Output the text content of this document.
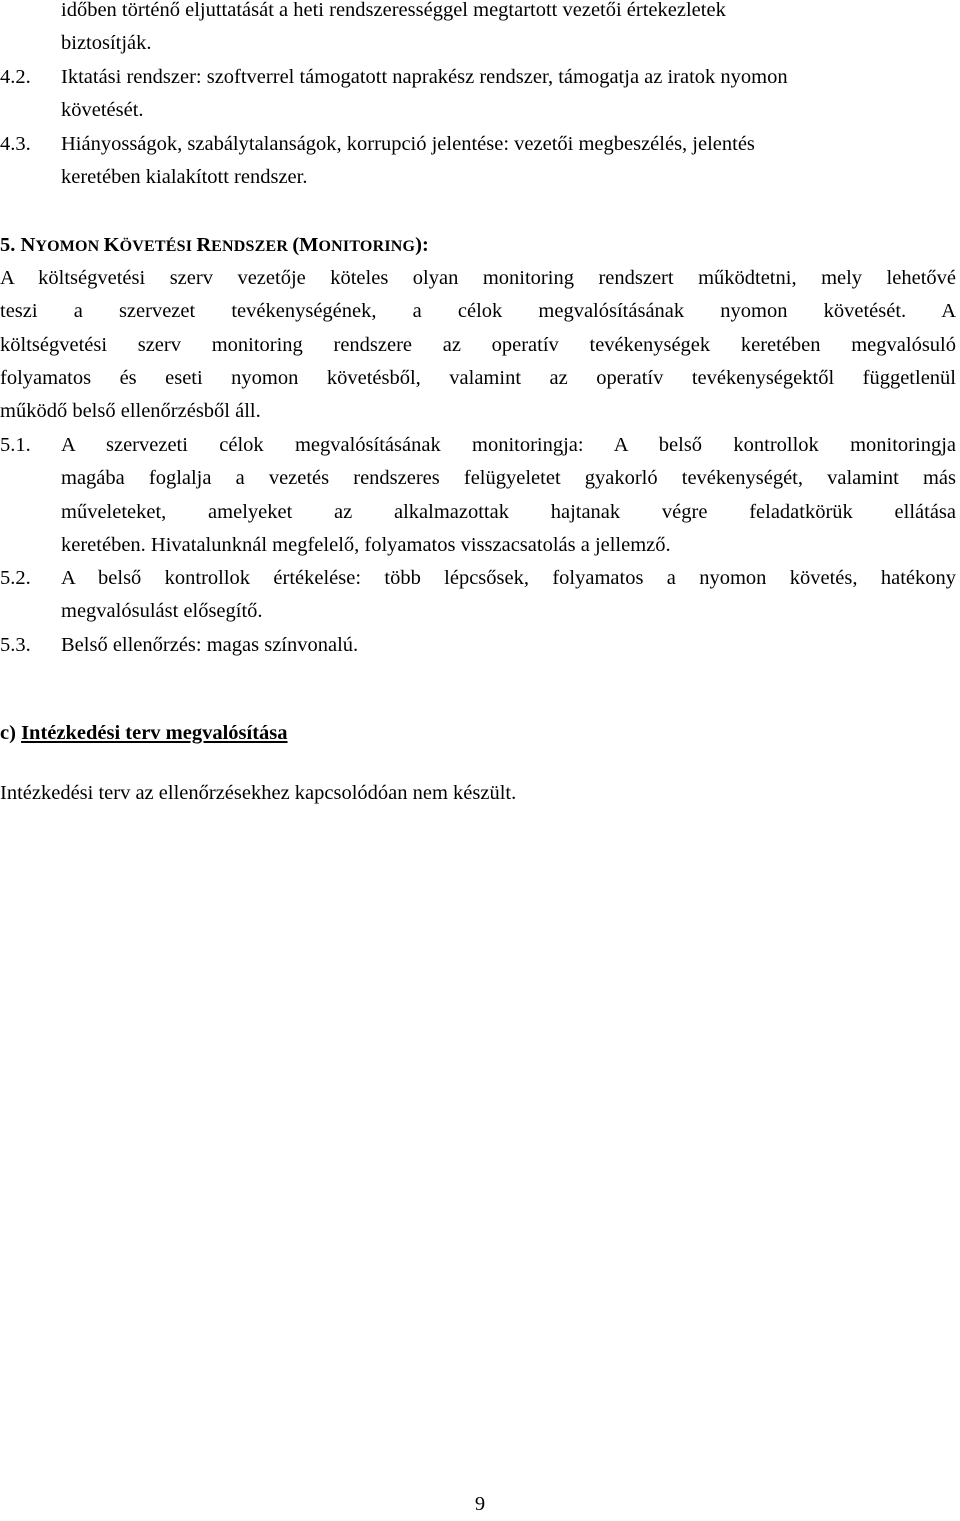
időben történő eljuttatását a heti rendszerességgel megtartott vezetői értekezletek
biztosítják.
4.2.	Iktatási rendszer: szoftverrel támogatott naprakész rendszer, támogatja az iratok nyomon
követését.
4.3.	Hiányosságok, szabálytalanságok, korrupció jelentése: vezetői megbeszélés, jelentés
keretében kialakított rendszer.
5. NYOMON KÖVETÉSI RENDSZER (MONITORING):
A költségvetési szerv vezetője köteles olyan monitoring rendszert működtetni, mely lehetővé
teszi a szervezet tevékenységének, a célok megvalósításának nyomon követését. A
költségvetési szerv monitoring rendszere az operatív tevékenységek keretében megvalósuló
folyamatos és eseti nyomon követésből, valamint az operatív tevékenységektől függetlenül
működő belső ellenőrzésből áll.
5.1.	A szervezeti célok megvalósításának monitoringja: A belső kontrollok monitoringja
magába foglalja a vezetés rendszeres felügyeletet gyakorló tevékenységét, valamint más
műveleteket, amelyeket az alkalmazottak hajtanak végre feladatkörük ellátása
keretében. Hivatalunknál megfelelő, folyamatos visszacsatolás a jellemző.
5.2.	A belső kontrollok értékelése: több lépcsősek, folyamatos a nyomon követés, hatékony
megvalósulást elősegítő.
5.3.	Belső ellenőrzés: magas színvonalú.
c) Intézkedési terv megvalósítása
Intézkedési terv az ellenőrzésekhez kapcsolódóan nem készült.
9
